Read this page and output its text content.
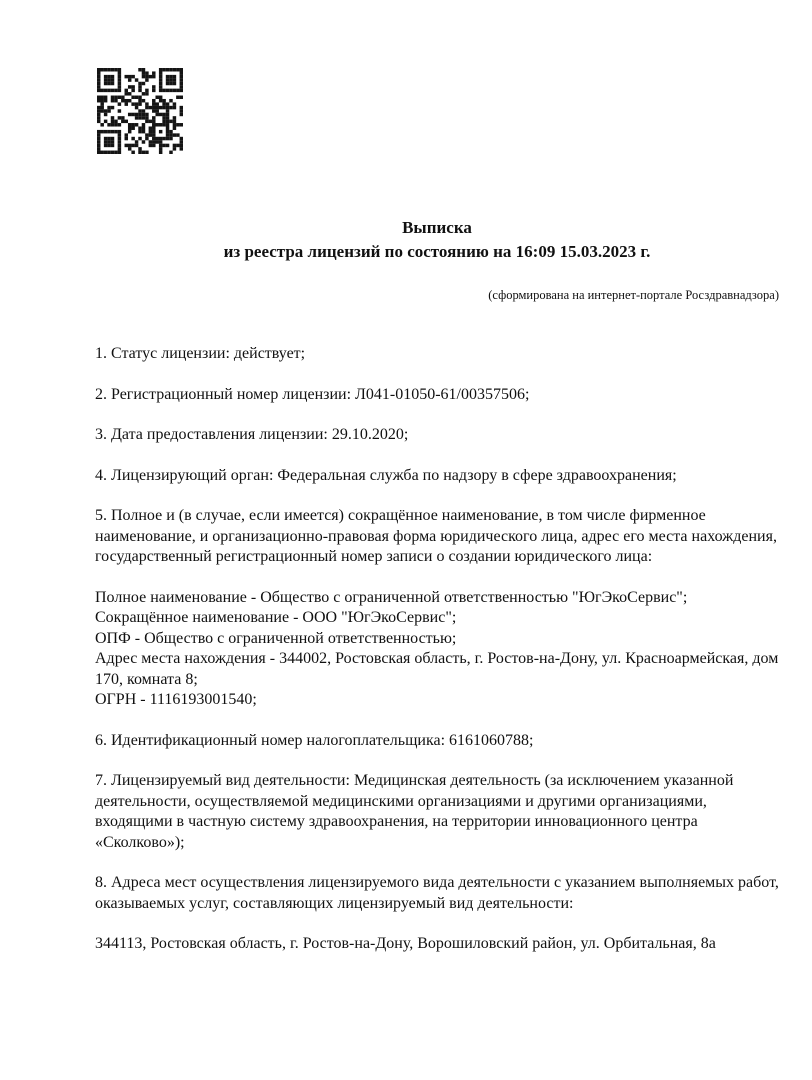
Выписка
из реестра лицензий по состоянию на 16:09 15.03.2023 г.
(сформирована на интернет-портале Росздравнадзора)

1. Статус лицензии: действует;

2. Регистрационный номер лицензии: Л041-01050-61/00357506;

3. Дата предоставления лицензии: 29.10.2020;

4. Лицензирующий орган: Федеральная служба по надзору в сфере здравоохранения;

5. Полное и (в случае, если имеется) сокращённое наименование, в том числе фирменное наименование, и организационно-правовая форма юридического лица, адрес его места нахождения, государственный регистрационный номер записи о создании юридического лица:

Полное наименование - Общество с ограниченной ответственностью "ЮгЭкоСервис";
Сокращённое наименование - ООО "ЮгЭкоСервис";
ОПФ - Общество с ограниченной ответственностью;
Адрес места нахождения - 344002, Ростовская область, г. Ростов-на-Дону, ул. Красноармейская, дом 170, комната 8;
ОГРН - 1116193001540;

6. Идентификационный номер налогоплательщика: 6161060788;

7. Лицензируемый вид деятельности: Медицинская деятельность (за исключением указанной деятельности, осуществляемой медицинскими организациями и другими организациями, входящими в частную систему здравоохранения, на территории инновационного центра «Сколково»);

8. Адреса мест осуществления лицензируемого вида деятельности с указанием выполняемых работ, оказываемых услуг, составляющих лицензируемый вид деятельности:

344113, Ростовская область, г. Ростов-на-Дону, Ворошиловский район, ул. Орбитальная, 8а
